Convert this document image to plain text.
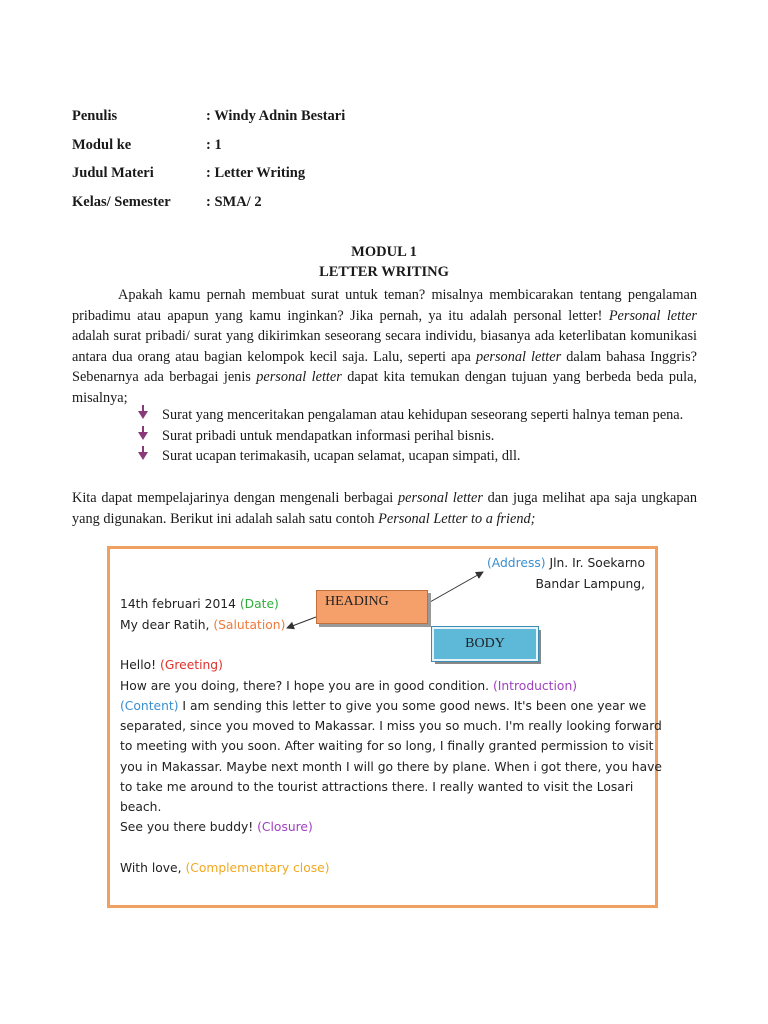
Penulis	: Windy Adnin Bestari
Modul ke	: 1
Judul Materi	: Letter Writing
Kelas/ Semester	: SMA/ 2
MODUL 1
LETTER WRITING
Apakah kamu pernah membuat surat untuk teman? misalnya membicarakan tentang pengalaman pribadimu atau apapun yang kamu inginkan? Jika pernah, ya itu adalah personal letter! Personal letter adalah surat pribadi/ surat yang dikirimkan seseorang secara individu, biasanya ada keterlibatan komunikasi antara dua orang atau bagian kelompok kecil saja. Lalu, seperti apa personal letter dalam bahasa Inggris? Sebenarnya ada berbagai jenis personal letter dapat kita temukan dengan tujuan yang berbeda beda pula, misalnya;
Surat yang menceritakan pengalaman atau kehidupan seseorang seperti halnya teman pena.
Surat pribadi untuk mendapatkan informasi perihal bisnis.
Surat ucapan terimakasih, ucapan selamat, ucapan simpati, dll.
Kita dapat mempelajarinya dengan mengenali berbagai personal letter dan juga melihat apa saja ungkapan yang digunakan. Berikut ini adalah salah satu contoh Personal Letter to a friend;
(Address) Jln. Ir. Soekarno
Bandar Lampung,
14th februari 2014 (Date)
My dear Ratih, (Salutation)
Hello! (Greeting)
How are you doing, there? I hope you are in good condition. (Introduction)
(Content) I am sending this letter to give you some good news. It's been one year we
separated, since you moved to Makassar. I miss you so much. I'm really looking forward
to meeting with you soon. After waiting for so long, I finally granted permission to visit
you in Makassar. Maybe next month I will go there by plane. When i got there, you have
to take me around to the tourist attractions there. I really wanted to visit the Losari
beach.
See you there buddy! (Closure)
With love, (Complementary close)
HEADING
BODY
